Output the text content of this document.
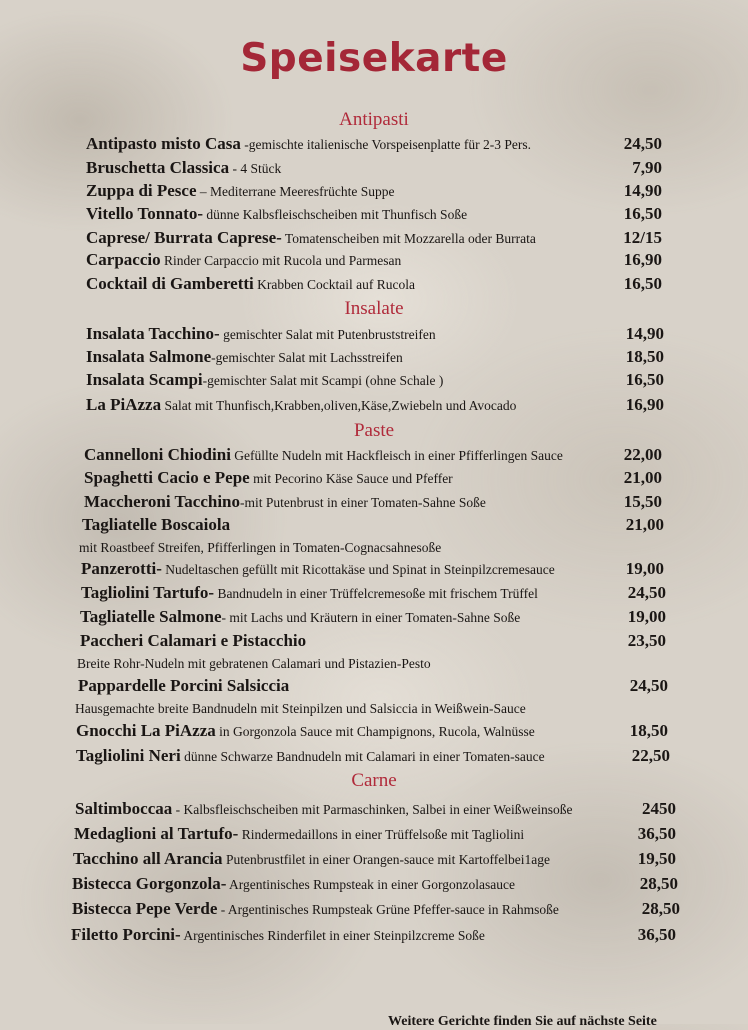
Speisekarte
Antipasti
Insalate
Paste
Carne
Antipasto misto Casa -gemischte italienische Vorspeisenplatte für 2-3 Pers.	24,50
Bruschetta Classica - 4 Stück	7,90
Zuppa di Pesce – Mediterrane Meeresfrüchte Suppe	14,90
Vitello Tonnato- dünne Kalbsfleischscheiben mit Thunfisch Soße	16,50
Caprese/ Burrata Caprese- Tomatenscheiben mit Mozzarella oder Burrata	12/15
Carpaccio Rinder Carpaccio mit Rucola und Parmesan	16,90
Cocktail di Gamberetti Krabben Cocktail auf Rucola	16,50
Insalata Tacchino- gemischter Salat mit Putenbruststreifen	14,90
Insalata Salmone-gemischter Salat mit Lachsstreifen	18,50
Insalata Scampi-gemischter Salat mit Scampi (ohne Schale )	16,50
La PiAzza Salat mit Thunfisch,Krabben,oliven,Käse,Zwiebeln und Avocado	16,90
Cannelloni Chiodini Gefüllte Nudeln mit Hackfleisch in einer Pfifferlingen Sauce	22,00
Spaghetti Cacio e Pepe mit Pecorino Käse Sauce und Pfeffer	21,00
Maccheroni Tacchino-mit Putenbrust in einer Tomaten-Sahne Soße	15,50
Tagliatelle Boscaiola	21,00
mit Roastbeef Streifen, Pfifferlingen in Tomaten-Cognacsahnesoße
Panzerotti- Nudeltaschen gefüllt mit Ricottakäse und Spinat in Steinpilzcremesauce	19,00
Tagliolini Tartufo- Bandnudeln in einer Trüffelcremesoße mit frischem Trüffel	24,50
Tagliatelle Salmone- mit Lachs und Kräutern in einer Tomaten-Sahne Soße	19,00
Paccheri Calamari e Pistacchio	23,50
Breite Rohr-Nudeln mit gebratenen Calamari und Pistazien-Pesto
Pappardelle Porcini Salsiccia	24,50
Hausgemachte breite Bandnudeln mit Steinpilzen und Salsiccia in Weißwein-Sauce
Gnocchi La PiAzza in Gorgonzola Sauce mit Champignons, Rucola, Walnüsse	18,50
Tagliolini Neri dünne Schwarze Bandnudeln mit Calamari in einer Tomaten-sauce	22,50
Saltimboccaa - Kalbsfleischscheiben mit Parmaschinken, Salbei in einer Weißweinsoße	2450
Medaglioni al Tartufo- Rindermedaillons in einer Trüffelsoße mit Tagliolini	36,50
Tacchino all Arancia Putenbrustfilet in einer Orangen-sauce mit Kartoffelbei1age	19,50
Bistecca Gorgonzola- Argentinisches Rumpsteak in einer Gorgonzolasauce	28,50
Bistecca Pepe Verde - Argentinisches Rumpsteak Grüne Pfeffer-sauce in Rahmsoße	28,50
Filetto Porcini- Argentinisches Rinderfilet in einer Steinpilzcreme Soße	36,50
Weitere Gerichte finden Sie auf nächste Seite
